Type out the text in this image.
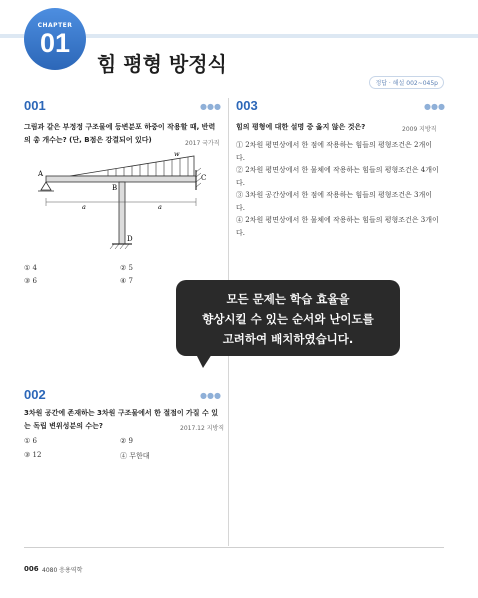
CHAPTER
01
힘 평형 방정식
정답 · 해설 002~045p
001	●●●
그림과 같은 부정정 구조물에 등변분포 하중이 작용할 때, 반력
의 총 개수는? (단, B점은 강결되어 있다)	2017 국가직
A
B
C
D
w
a	a
① 4	② 5
③ 6	④ 7
002	●●●
3차원 공간에 존재하는 3차원 구조물에서 한 절점이 가질 수 있
는 독립 변위성분의 수는?	2017.12 지방직
① 6	② 9
③ 12	④ 무한대
003	●●●
힘의 평형에 대한 설명 중 옳지 않은 것은?	2009 지방직
① 2차원 평면상에서 한 점에 작용하는 힘들의 평형조건은 2개이다.
② 2차원 평면상에서 한 물체에 작용하는 힘들의 평형조건은 4개이다.
③ 3차원 공간상에서 한 점에 작용하는 힘들의 평형조건은 3개이다.
④ 2차원 평면상에서 한 물체에 작용하는 힘들의 평형조건은 3개이다.
모든 문제는 학습 효율을
향상시킬 수 있는 순서와 난이도를
고려하여 배치하였습니다.
006 4080 응용역학
